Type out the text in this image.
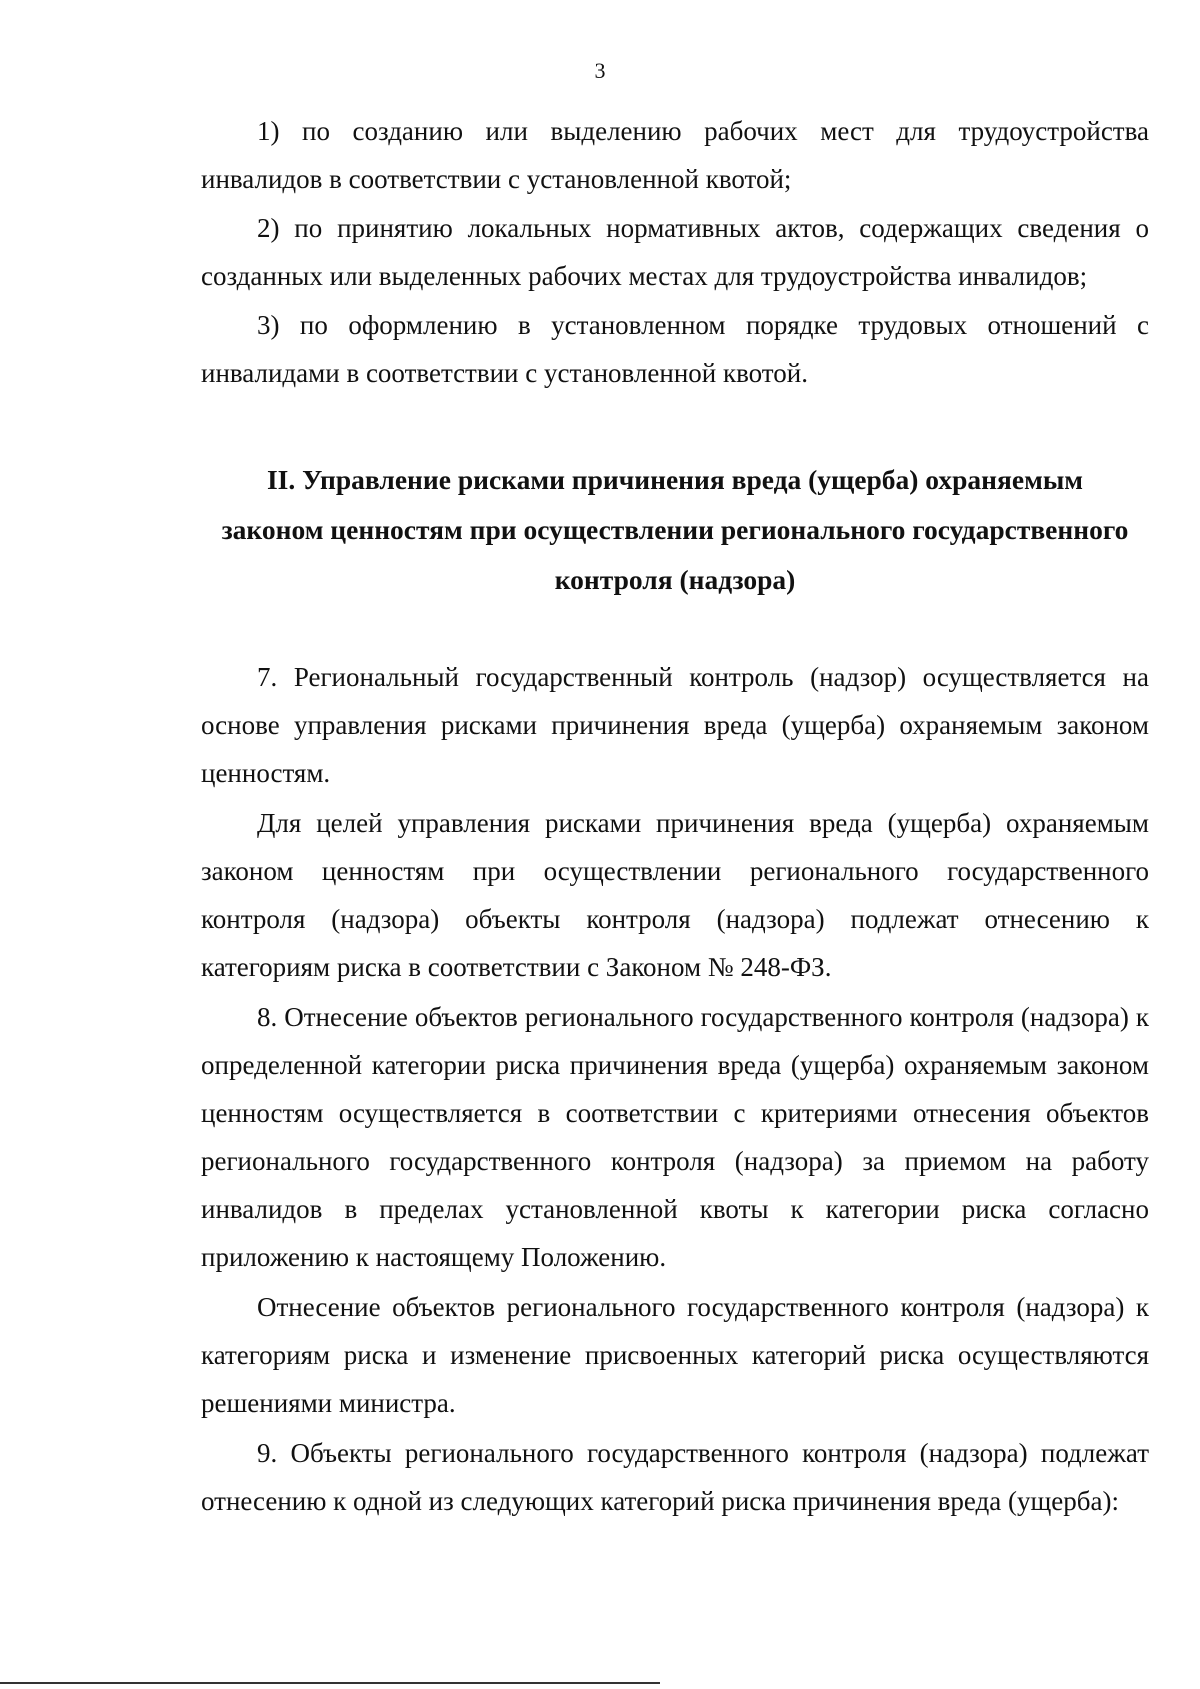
3

1) по созданию или выделению рабочих мест для трудоустройства инвалидов в соответствии с установленной квотой;

2) по принятию локальных нормативных актов, содержащих сведения о созданных или выделенных рабочих местах для трудоустройства инвалидов;

3) по оформлению в установленном порядке трудовых отношений с инвалидами в соответствии с установленной квотой.

II. Управление рисками причинения вреда (ущерба) охраняемым
законом ценностям при осуществлении регионального государственного
контроля (надзора)

7. Региональный государственный контроль (надзор) осуществляется на основе управления рисками причинения вреда (ущерба) охраняемым законом ценностям.

Для целей управления рисками причинения вреда (ущерба) охраняемым законом ценностям при осуществлении регионального государственного контроля (надзора) объекты контроля (надзора) подлежат отнесению к категориям риска в соответствии с Законом № 248-ФЗ.

8. Отнесение объектов регионального государственного контроля (надзора) к определенной категории риска причинения вреда (ущерба) охраняемым законом ценностям осуществляется в соответствии с критериями отнесения объектов регионального государственного контроля (надзора) за приемом на работу инвалидов в пределах установленной квоты к категории риска согласно приложению к настоящему Положению.

Отнесение объектов регионального государственного контроля (надзора) к категориям риска и изменение присвоенных категорий риска осуществляются решениями министра.

9. Объекты регионального государственного контроля (надзора) подлежат отнесению к одной из следующих категорий риска причинения вреда (ущерба):
